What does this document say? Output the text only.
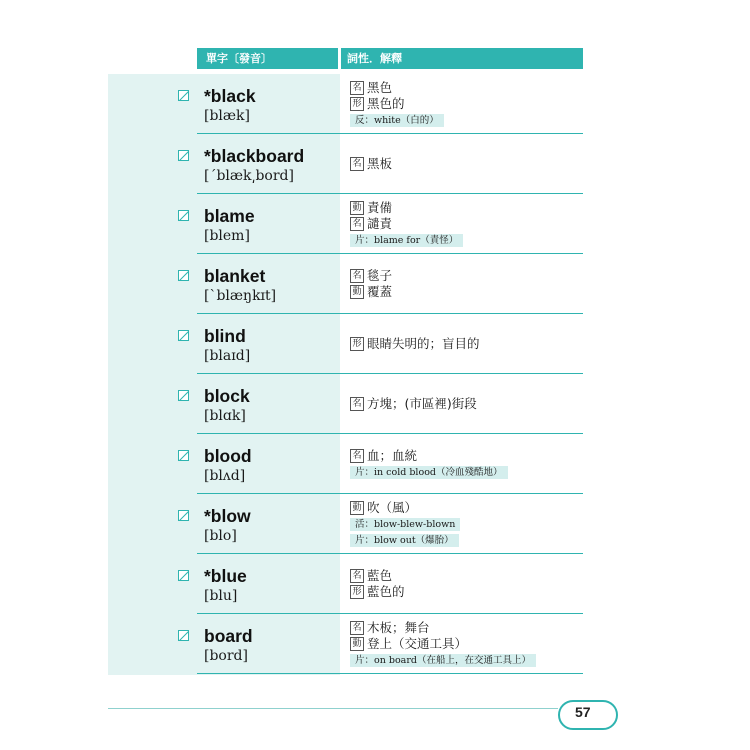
單字〔發音〕	詞性．解釋
*black
[blæk]
名 黑色
形 黑色的
反：white（白的）
*blackboard
[ˊblæk͵bord]
名 黑板
blame
[blem]
動 責備
名 譴責
片：blame for（責怪）
blanket
[ˋblæŋkɪt]
名 毯子
動 覆蓋
blind
[blaɪd]
形 眼睛失明的；盲目的
block
[blɑk]
名 方塊；(市區裡)街段
blood
[blʌd]
名 血；血統
片：in cold blood（冷血殘酷地）
*blow
[blo]
動 吹（風）
活：blow-blew-blown
片：blow out（爆胎）
*blue
[blu]
名 藍色
形 藍色的
board
[bord]
名 木板；舞台
動 登上（交通工具）
片：on board（在船上，在交通工具上）
57
